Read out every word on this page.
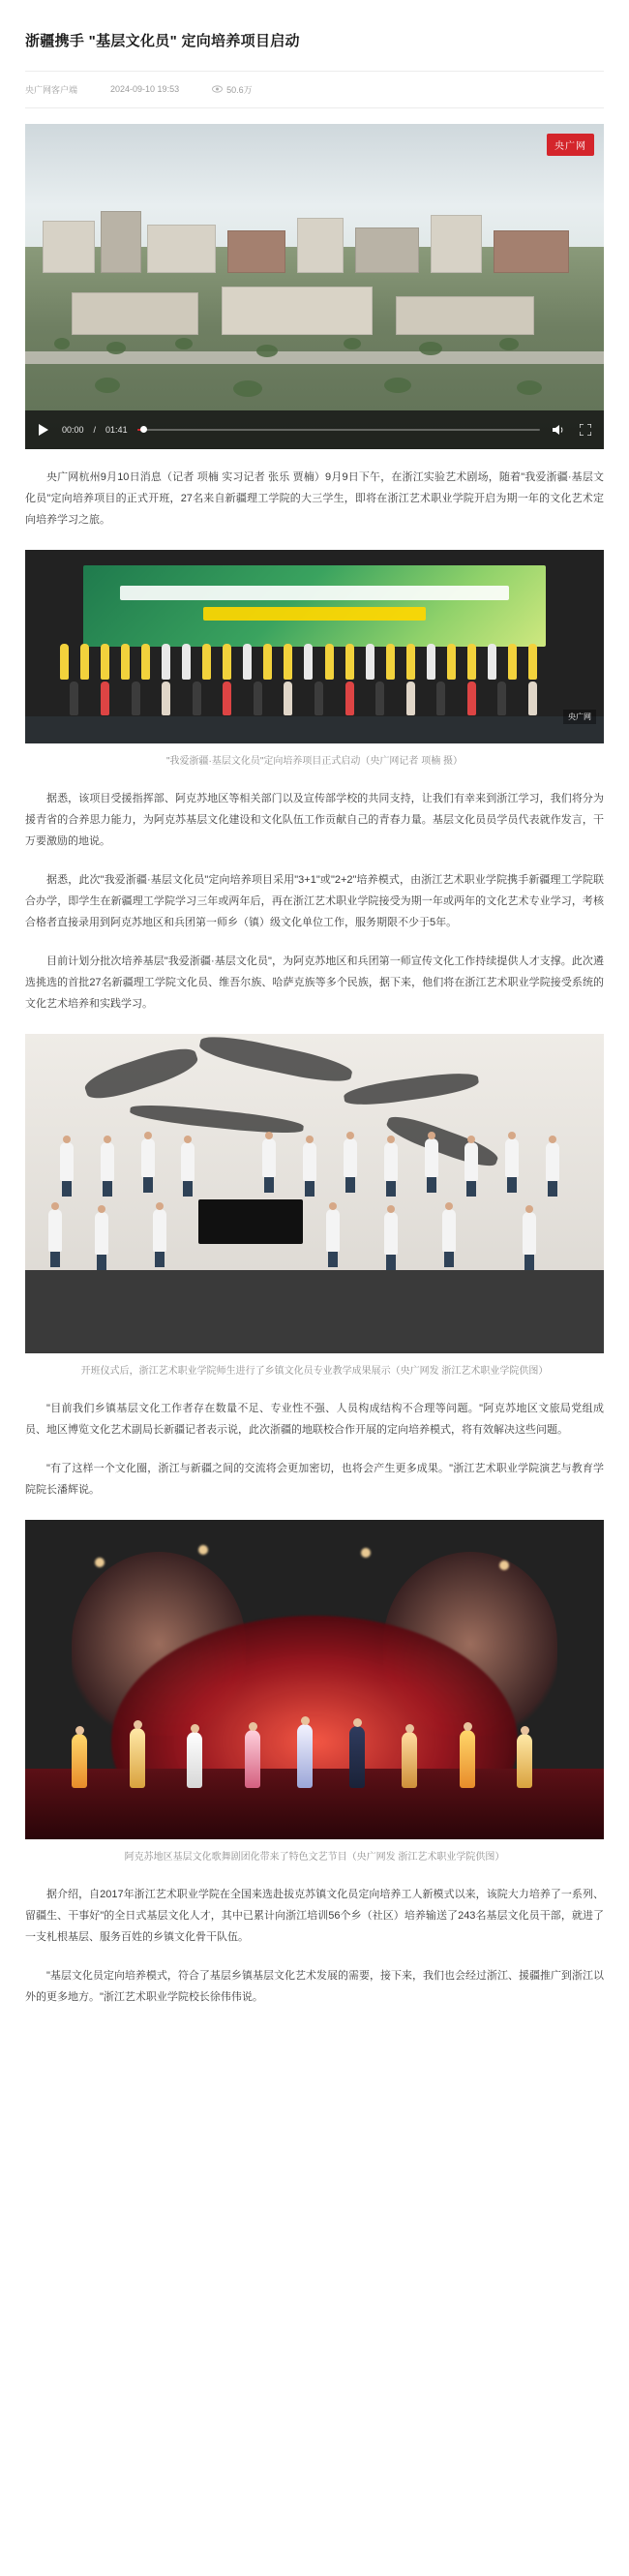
浙疆携手 "基层文化员" 定向培养项目启动
央广网客户端	2024-09-10 19:53	50.6万
央广网
00:00 / 01:41

央广网杭州9月10日消息（记者 项楠 实习记者 张乐 贾楠）9月9日下午，在浙江实验艺术剧场，随着"我爱浙疆·基层文化员"定向培养项目的正式开班，27名来自新疆理工学院的大三学生，即将在浙江艺术职业学院开启为期一年的文化艺术定向培养学习之旅。

央广网
"我爱浙疆·基层文化员"定向培养项目正式启动（央广网记者 项楠 摄）

据悉，该项目受援指挥部、阿克苏地区等相关部门以及宣传部学校的共同支持，让我们有幸来到浙江学习，我们将分为援青省的合养思力能力，为阿克苏基层文化建设和文化队伍工作贡献自己的青春力量。基层文化员员学员代表就作发言，干万要激励的地说。

据悉，此次"我爱浙疆·基层文化员"定向培养项目采用"3+1"或"2+2"培养模式，由浙江艺术职业学院携手新疆理工学院联合办学，即学生在新疆理工学院学习三年或两年后，再在浙江艺术职业学院接受为期一年或两年的文化艺术专业学习，考核合格者直接录用到阿克苏地区和兵团第一师乡（镇）级文化单位工作，服务期限不少于5年。

目前计划分批次培养基层"我爱浙疆·基层文化员"，为阿克苏地区和兵团第一师宣传文化工作持续提供人才支撑。此次遴选挑选的首批27名新疆理工学院文化员、维吾尔族、哈萨克族等多个民族，据下来，他们将在浙江艺术职业学院接受系统的文化艺术培养和实践学习。

开班仪式后，浙江艺术职业学院师生进行了乡镇文化员专业教学成果展示（央广网发 浙江艺术职业学院供图）

"目前我们乡镇基层文化工作者存在数量不足、专业性不强、人员构成结构不合理等问题。"阿克苏地区文旅局党组成员、地区博览文化艺术副局长新疆记者表示说，此次浙疆的地联校合作开展的定向培养模式，将有效解决这些问题。

"有了这样一个文化圈，浙江与新疆之间的交流将会更加密切，也将会产生更多成果。"浙江艺术职业学院演艺与教育学院院长潘辉说。

阿克苏地区基层文化歌舞剧团化带来了特色文艺节目（央广网发 浙江艺术职业学院供图）

据介绍，自2017年浙江艺术职业学院在全国来选赴拔克苏镇文化员定向培养工人新模式以来，该院大力培养了一系列、留疆生、干事好"的全日式基层文化人才，其中已累计向浙江培训56个乡（社区）培养输送了243名基层文化员干部，就进了一支札根基层、服务百姓的乡镇文化骨干队伍。

"基层文化员定向培养模式，符合了基层乡镇基层文化艺术发展的需要，接下来，我们也会经过浙江、援疆推广到浙江以外的更多地方。"浙江艺术职业学院校长徐伟伟说。
